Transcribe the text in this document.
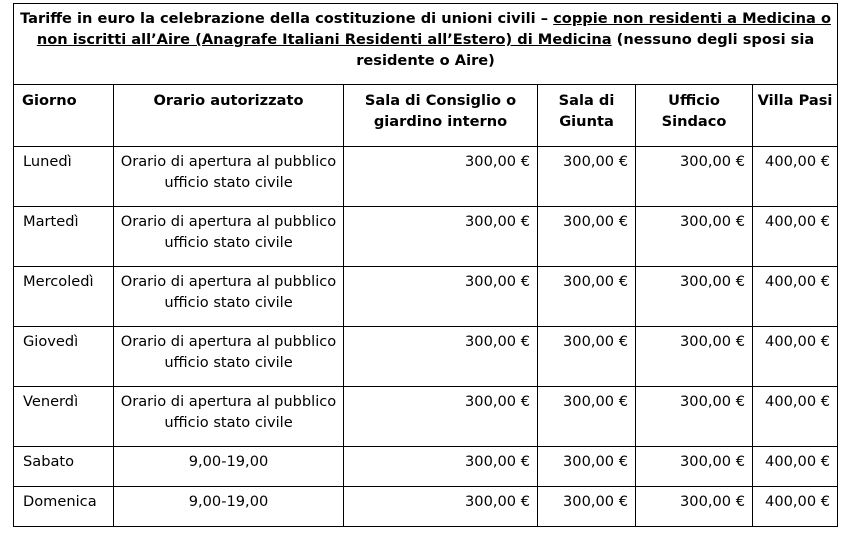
Tariffe in euro la celebrazione della costituzione di unioni civili – coppie non residenti a Medicina o non iscritti all’Aire (Anagrafe Italiani Residenti all’Estero) di Medicina (nessuno degli sposi sia residente o Aire)					
Giorno	Orario autorizzato	Sala di Consiglio o giardino interno	Sala di Giunta	Ufficio Sindaco	Villa Pasi
Lunedì	Orario di apertura al pubblico ufficio stato civile	300,00 €	300,00 €	300,00 €	400,00 €
Martedì	Orario di apertura al pubblico ufficio stato civile	300,00 €	300,00 €	300,00 €	400,00 €
Mercoledì	Orario di apertura al pubblico ufficio stato civile	300,00 €	300,00 €	300,00 €	400,00 €
Giovedì	Orario di apertura al pubblico ufficio stato civile	300,00 €	300,00 €	300,00 €	400,00 €
Venerdì	Orario di apertura al pubblico ufficio stato civile	300,00 €	300,00 €	300,00 €	400,00 €
Sabato	9,00-19,00	300,00 €	300,00 €	300,00 €	400,00 €
Domenica	9,00-19,00	300,00 €	300,00 €	300,00 €	400,00 €
